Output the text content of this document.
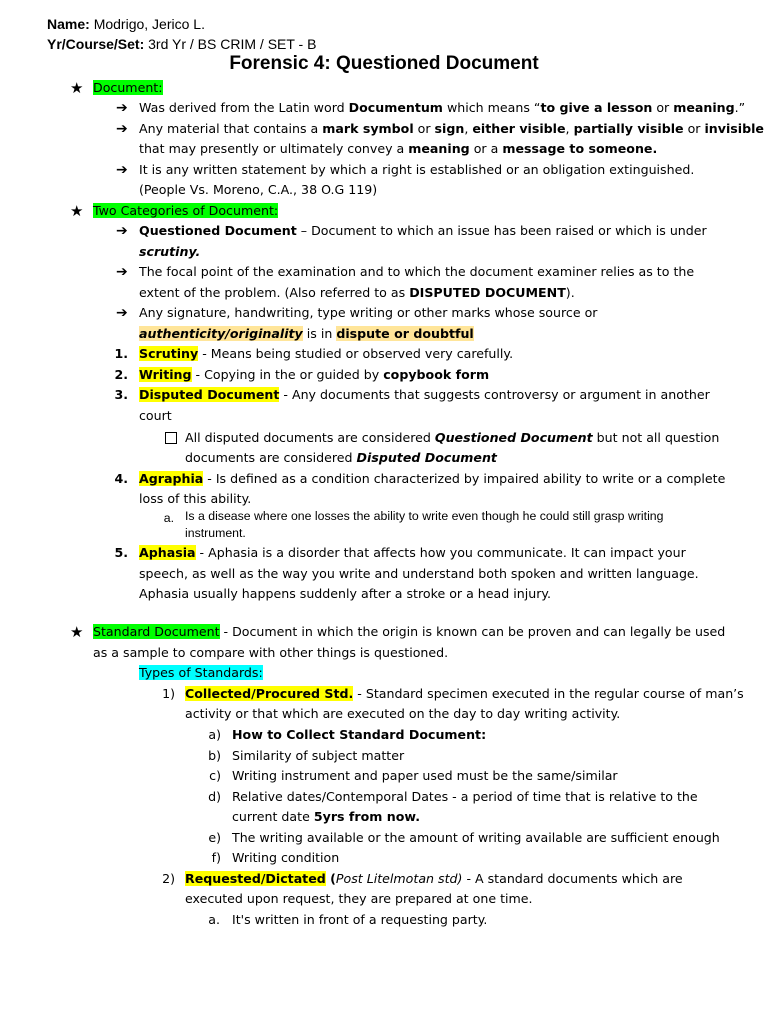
Name: Modrigo, Jerico L.
Yr/Course/Set: 3rd Yr / BS CRIM / SET - B
Forensic 4: Questioned Document
★ Document:
➔ Was derived from the Latin word Documentum which means “to give a lesson or meaning.”
➔ Any material that contains a mark symbol or sign, either visible, partially visible or invisible
that may presently or ultimately convey a meaning or a message to someone.
➔ It is any written statement by which a right is established or an obligation extinguished.
(People Vs. Moreno, C.A., 38 O.G 119)
★ Two Categories of Document:
➔ Questioned Document – Document to which an issue has been raised or which is under
scrutiny.
➔ The focal point of the examination and to which the document examiner relies as to the
extent of the problem. (Also referred to as DISPUTED DOCUMENT).
➔ Any signature, handwriting, type writing or other marks whose source or
authenticity/originality is in dispute or doubtful
1. Scrutiny - Means being studied or observed very carefully.
2. Writing - Copying in the or guided by copybook form
3. Disputed Document - Any documents that suggests controversy or argument in another
court
All disputed documents are considered Questioned Document but not all question
documents are considered Disputed Document
4. Agraphia - Is defined as a condition characterized by impaired ability to write or a complete
loss of this ability.
a. Is a disease where one losses the ability to write even though he could still grasp writing
instrument.
5. Aphasia - Aphasia is a disorder that affects how you communicate. It can impact your
speech, as well as the way you write and understand both spoken and written language.
Aphasia usually happens suddenly after a stroke or a head injury.
★ Standard Document - Document in which the origin is known can be proven and can legally be used
as a sample to compare with other things is questioned.
Types of Standards:
1) Collected/Procured Std. - Standard specimen executed in the regular course of man’s
activity or that which are executed on the day to day writing activity.
a) How to Collect Standard Document:
b) Similarity of subject matter
c) Writing instrument and paper used must be the same/similar
d) Relative dates/Contemporal Dates - a period of time that is relative to the
current date 5yrs from now.
e) The writing available or the amount of writing available are sufficient enough
f) Writing condition
2) Requested/Dictated (Post Litelmotan std) - A standard documents which are
executed upon request, they are prepared at one time.
a. It's written in front of a requesting party.
